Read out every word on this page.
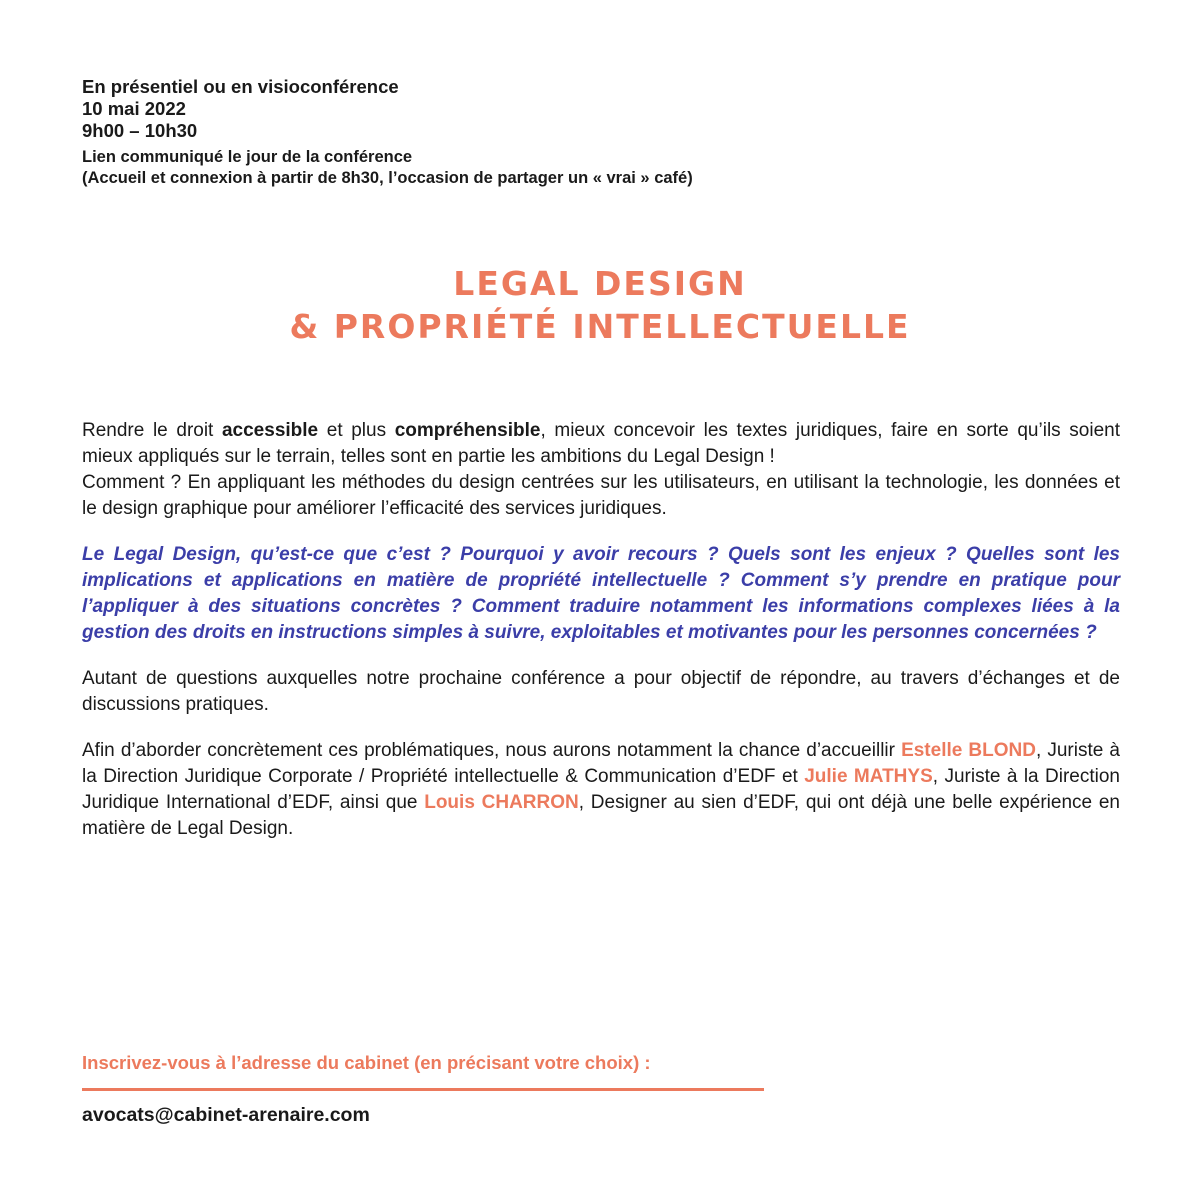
En présentiel ou en visioconférence
10 mai 2022
9h00 – 10h30
Lien communiqué le jour de la conférence
(Accueil et connexion à partir de 8h30, l’occasion de partager un « vrai » café)
LEGAL DESIGN
& PROPRIÉTÉ INTELLECTUELLE

Rendre le droit accessible et plus compréhensible, mieux concevoir les textes juridiques, faire en sorte qu’ils soient mieux appliqués sur le terrain, telles sont en partie les ambitions du Legal Design !

Comment ? En appliquant les méthodes du design centrées sur les utilisateurs, en utilisant la technologie, les données et le design graphique pour améliorer l’efficacité des services juridiques.

Le Legal Design, qu’est-ce que c’est ? Pourquoi y avoir recours ? Quels sont les enjeux ? Quelles sont les implications et applications en matière de propriété intellectuelle ? Comment s’y prendre en pratique pour l’appliquer à des situations concrètes ? Comment traduire notamment les informations complexes liées à la gestion des droits en instructions simples à suivre, exploitables et motivantes pour les personnes concernées ?

Autant de questions auxquelles notre prochaine conférence a pour objectif de répondre, au travers d’échanges et de discussions pratiques.

Afin d’aborder concrètement ces problématiques, nous aurons notamment la chance d’accueillir Estelle BLOND, Juriste à la Direction Juridique Corporate / Propriété intellectuelle & Communication d’EDF et Julie MATHYS, Juriste à la Direction Juridique International d’EDF, ainsi que Louis CHARRON, Designer au sien d’EDF, qui ont déjà une belle expérience en matière de Legal Design.

Inscrivez-vous à l’adresse du cabinet (en précisant votre choix) :
avocats@cabinet-arenaire.com
